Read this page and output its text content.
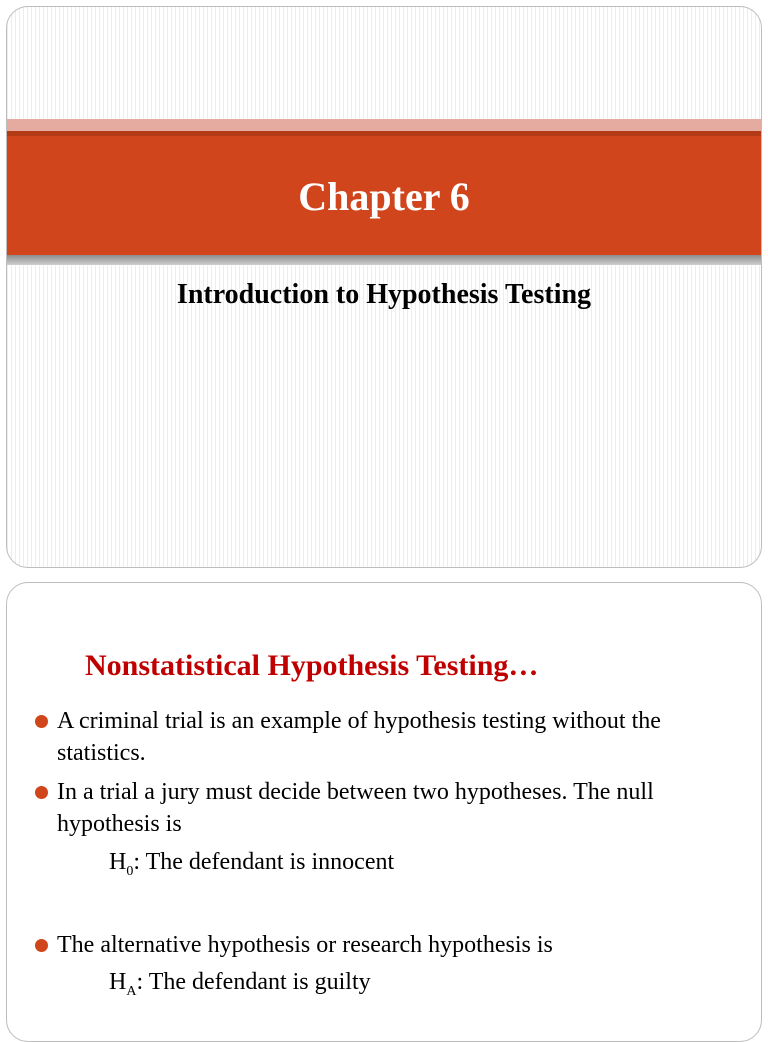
Chapter 6
Introduction to Hypothesis Testing
Nonstatistical Hypothesis Testing…
A criminal trial is an example of hypothesis testing without the statistics.
In a trial a jury must decide between two hypotheses. The null hypothesis is
$H_0$: The defendant is innocent
The alternative hypothesis or research hypothesis is
$H_A$: The defendant is guilty
